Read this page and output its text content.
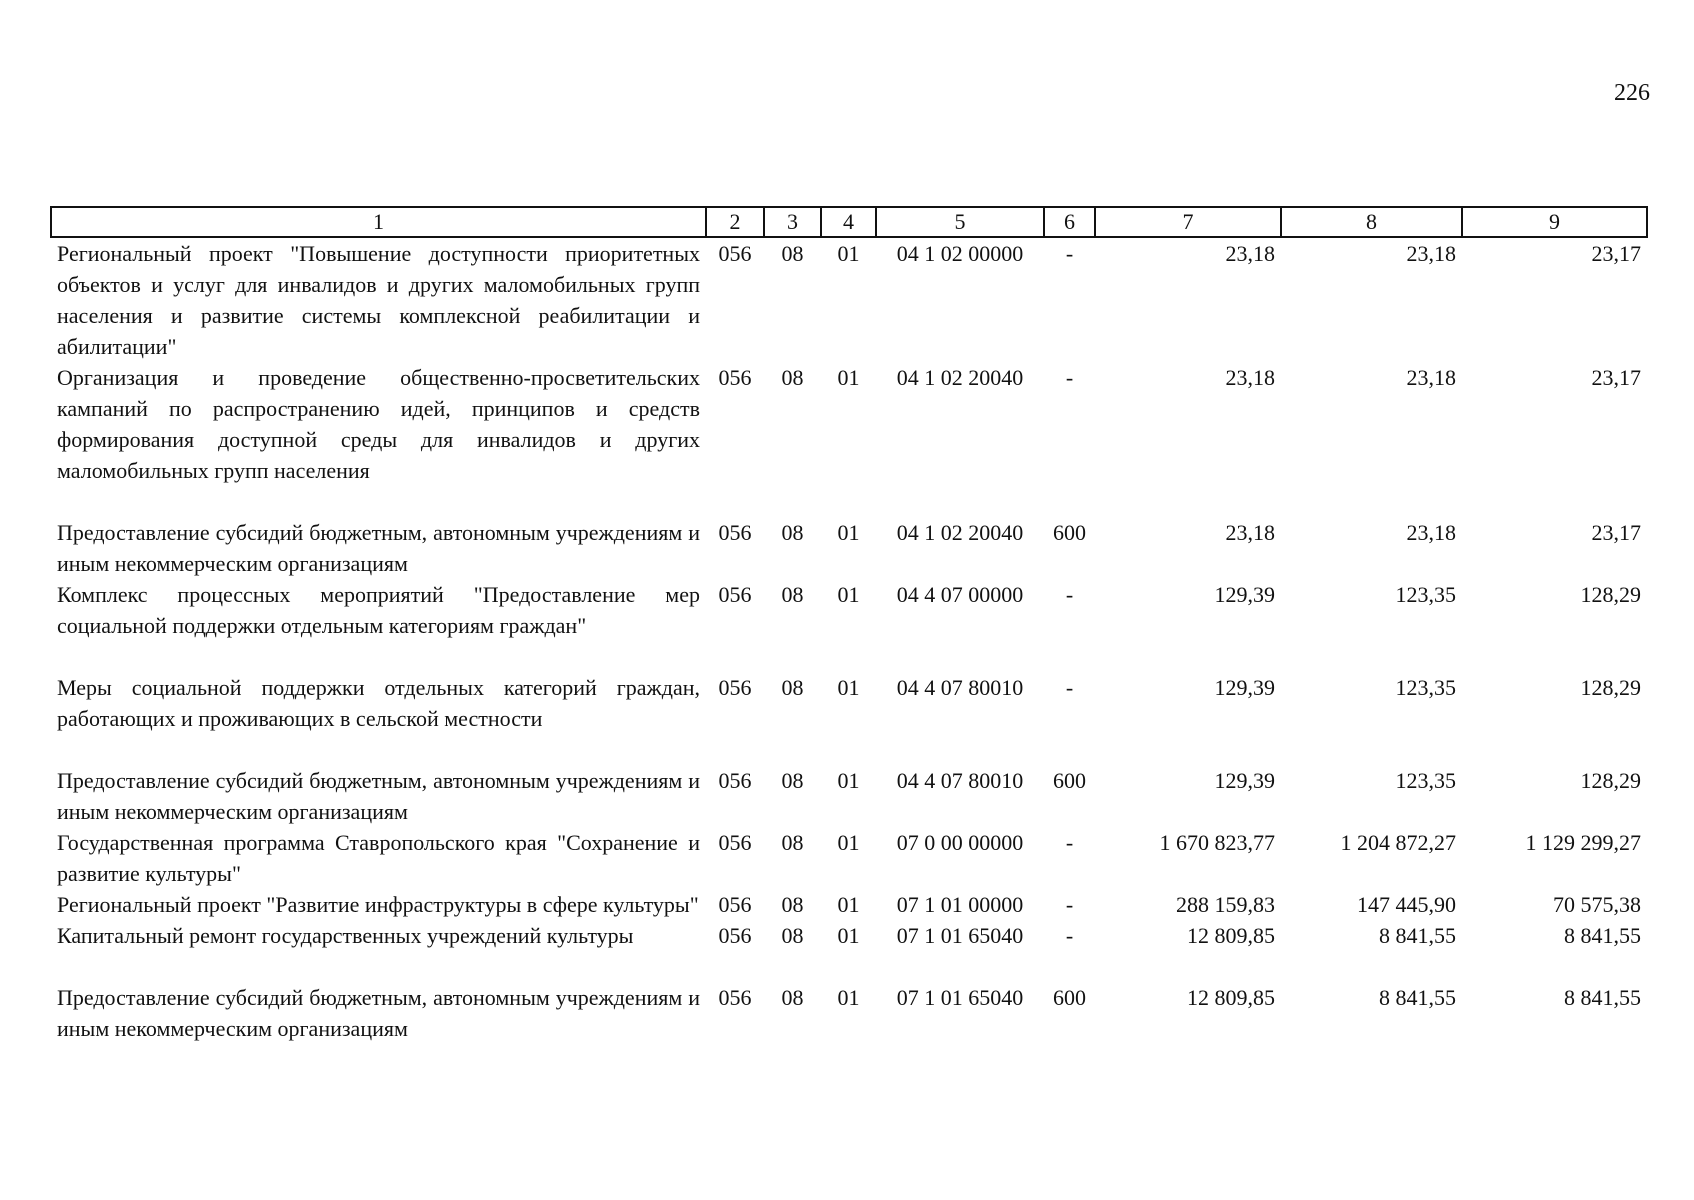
226
1	2	3	4	5	6	7	8	9
Региональный проект "Повышение доступности приоритетных объектов и услуг для инвалидов и других маломобильных групп населения и развитие системы комплексной реабилитации и абилитации"	056	08	01	04 1 02 00000	-	23,18	23,18	23,17
Организация и проведение общественно-просветительских кампаний по распространению идей, принципов и средств формирования доступной среды для инвалидов и других маломобильных групп населения	056	08	01	04 1 02 20040	-	23,18	23,18	23,17
Предоставление субсидий бюджетным, автономным учреждениям и иным некоммерческим организациям	056	08	01	04 1 02 20040	600	23,18	23,18	23,17
Комплекс процессных мероприятий "Предоставление мер социальной поддержки отдельным категориям граждан"	056	08	01	04 4 07 00000	-	129,39	123,35	128,29
Меры социальной поддержки отдельных категорий граждан, работающих и проживающих в сельской местности	056	08	01	04 4 07 80010	-	129,39	123,35	128,29
Предоставление субсидий бюджетным, автономным учреждениям и иным некоммерческим организациям	056	08	01	04 4 07 80010	600	129,39	123,35	128,29
Государственная программа Ставропольского края "Сохранение и развитие культуры"	056	08	01	07 0 00 00000	-	1 670 823,77	1 204 872,27	1 129 299,27
Региональный проект "Развитие инфраструктуры в сфере культуры"	056	08	01	07 1 01 00000	-	288 159,83	147 445,90	70 575,38
Капитальный ремонт государственных учреждений культуры	056	08	01	07 1 01 65040	-	12 809,85	8 841,55	8 841,55
Предоставление субсидий бюджетным, автономным учреждениям и иным некоммерческим организациям	056	08	01	07 1 01 65040	600	12 809,85	8 841,55	8 841,55
